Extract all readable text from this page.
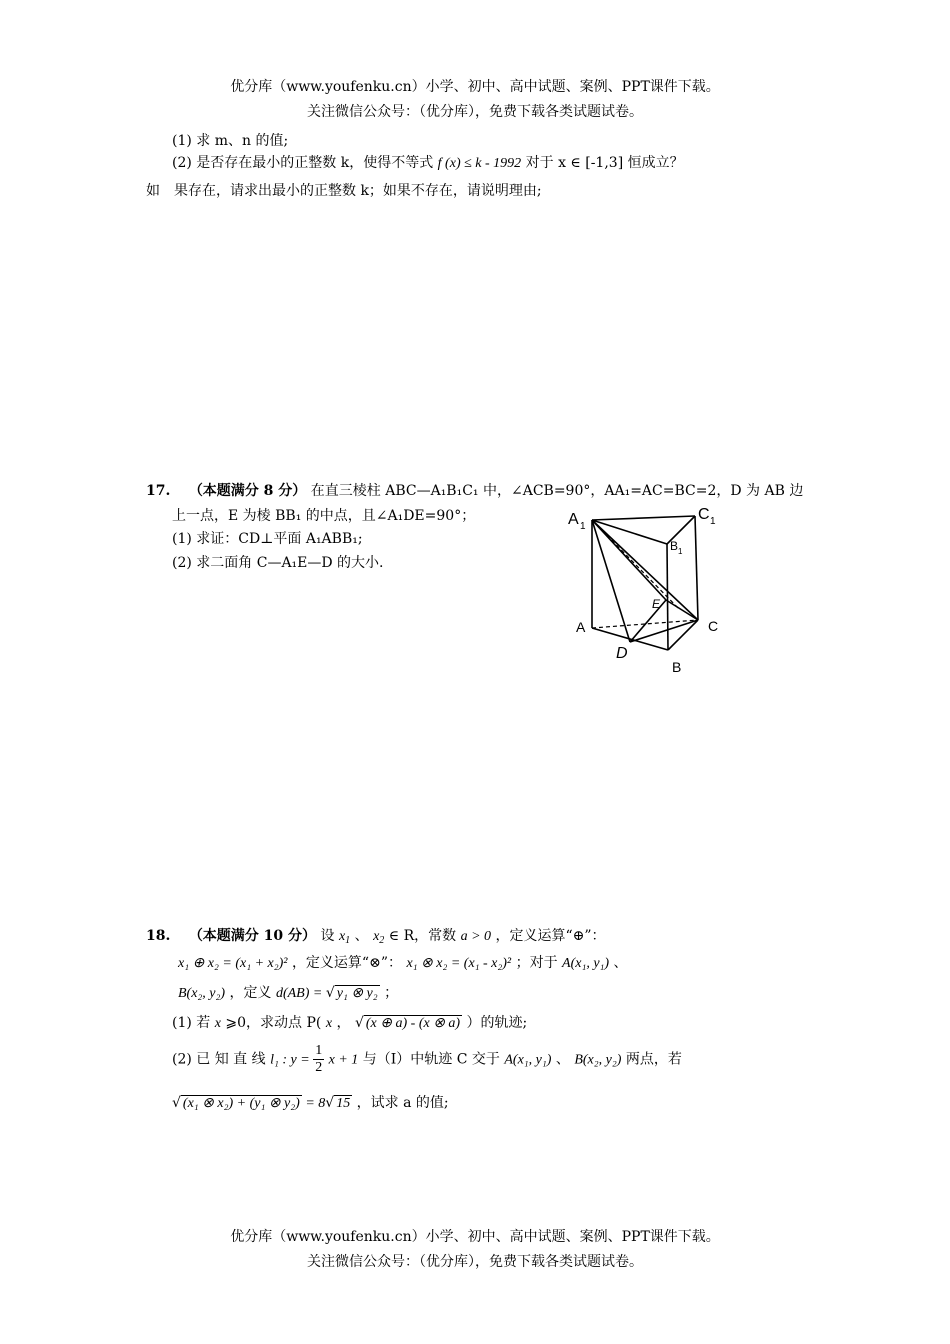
优分库（www.youfenku.cn）小学、初中、高中试题、案例、PPT课件下载。
关注微信公众号：（优分库），免费下载各类试题试卷。
(1) 求 m、n 的值;
(2) 是否存在最小的正整数 k，使得不等式 f (x) ≤ k - 1992 对于 x ∈ [-1,3] 恒成立？
如　果存在，请求出最小的正整数 k；如果不存在，请说明理由;
17. （本题满分 8 分） 在直三棱柱 ABC—A₁B₁C₁ 中，∠ACB=90°，AA₁=AC=BC=2，D 为 AB 边
上一点，E 为棱 BB₁ 的中点，且∠A₁DE=90°；
(1) 求证：CD⊥平面 A₁ABB₁;
(2) 求二面角 C—A₁E—D 的大小.
A 1
C 1
B 1
E
A	C
D
B
18. （本题满分 10 分） 设 $x_1$ 、 $x_2$ ∈ R，常数 a > 0 ，定义运算“⊕”：
x₁ ⊕ x₂ = (x₁ + x₂)² ，定义运算“⊗”： x₁ ⊗ x₂ = (x₁ - x₂)² ；对于 A(x₁, y₁) 、
B(x₂, y₂) ，定义 d(AB) = √ y₁ ⊗ y₂ ；
(1) 若 x ⩾0，求动点 P( x ， √ (x ⊕ a) - (x ⊗ a) ）的轨迹;
(2) 已 知 直 线 l₁ : $y = \frac{1}{2}$ x + 1 与（I）中轨迹 C 交于 A(x₁, y₁) 、 B(x₂, y₂) 两点，若
√ (x₁ ⊗ x₂) + (y₁ ⊗ y₂) = 8√ 15 ，试求 a 的值;
优分库（www.youfenku.cn）小学、初中、高中试题、案例、PPT课件下载。
关注微信公众号：（优分库），免费下载各类试题试卷。
